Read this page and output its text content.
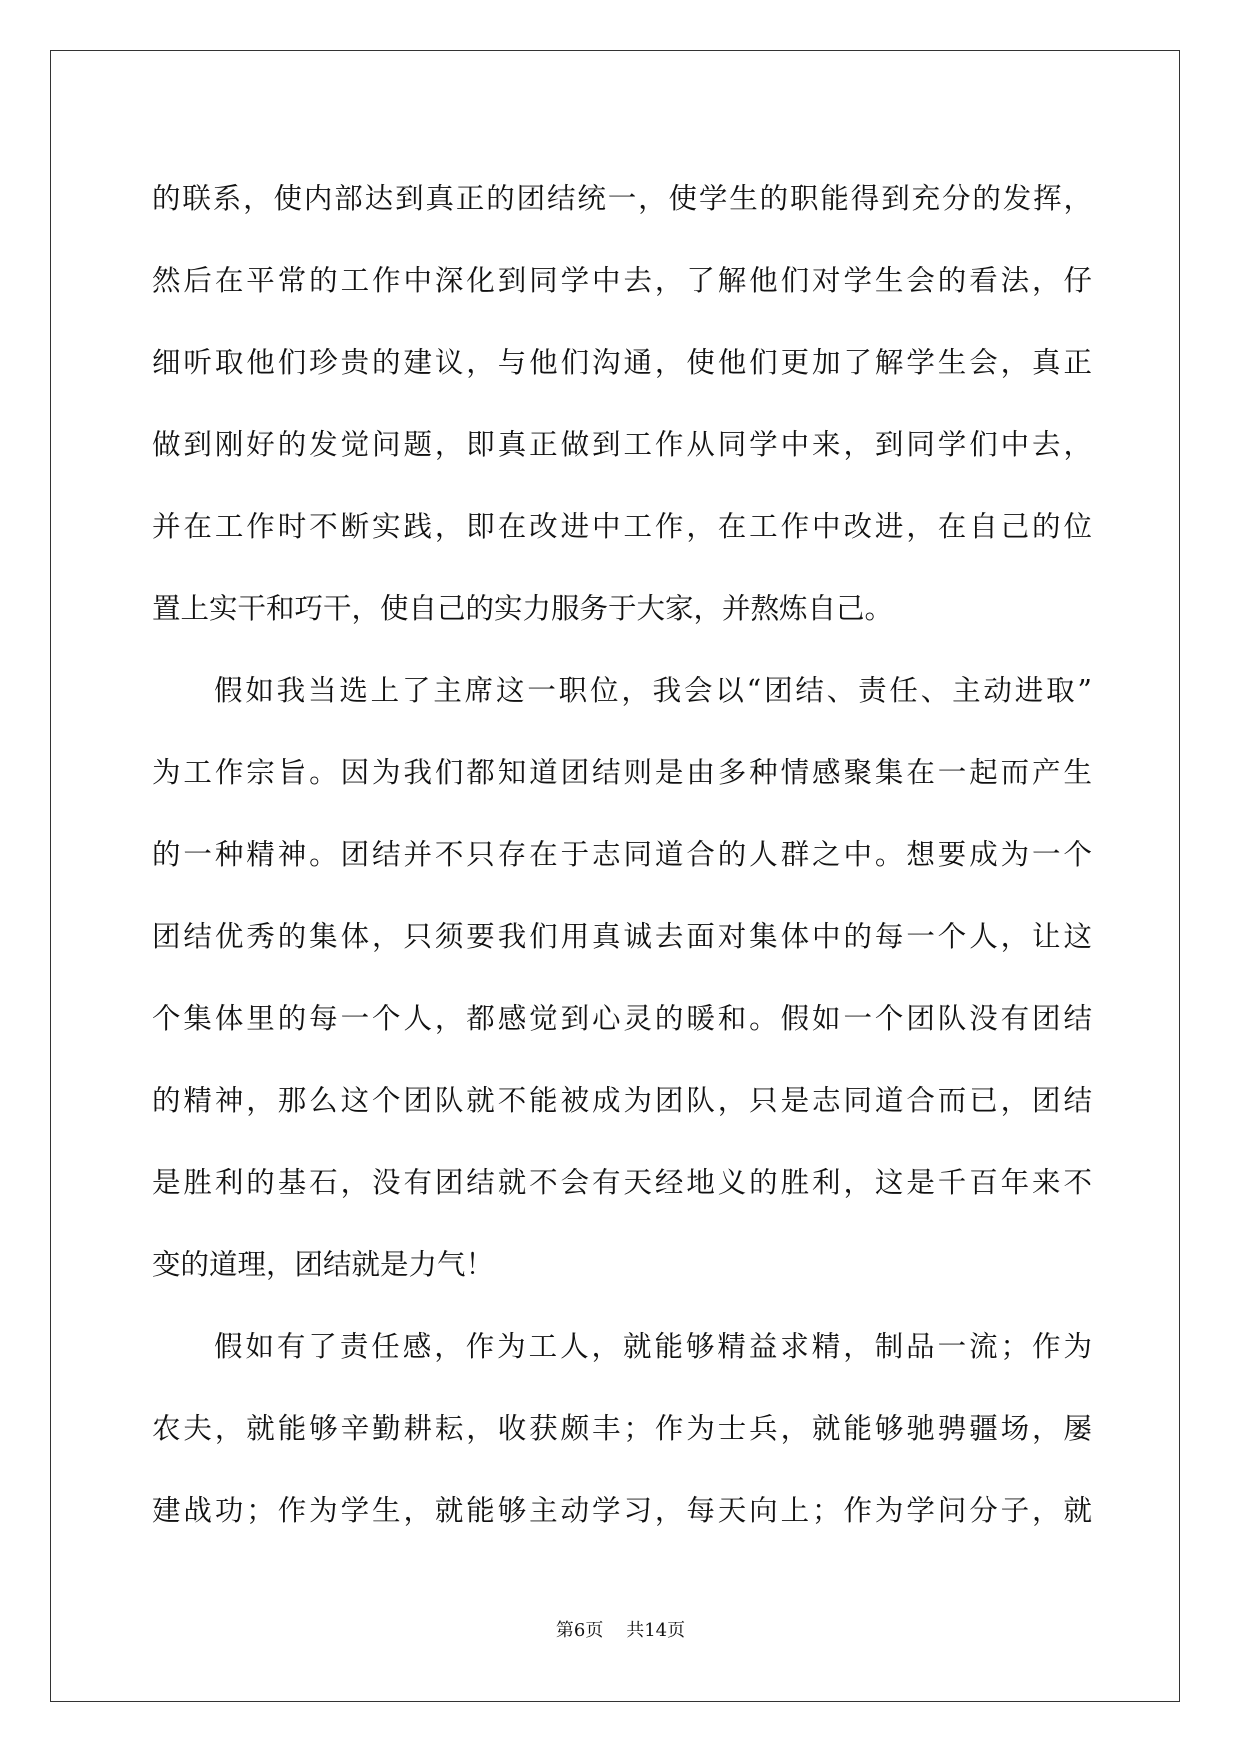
的联系，使内部达到真正的团结统一，使学生的职能得到充分的发挥，
然后在平常的工作中深化到同学中去，了解他们对学生会的看法，仔
细听取他们珍贵的建议，与他们沟通，使他们更加了解学生会，真正
做到刚好的发觉问题，即真正做到工作从同学中来，到同学们中去，
并在工作时不断实践，即在改进中工作，在工作中改进，在自己的位
置上实干和巧干，使自己的实力服务于大家，并熬炼自己。
假如我当选上了主席这一职位，我会以“团结、责任、主动进取”
为工作宗旨。因为我们都知道团结则是由多种情感聚集在一起而产生
的一种精神。团结并不只存在于志同道合的人群之中。想要成为一个
团结优秀的集体，只须要我们用真诚去面对集体中的每一个人，让这
个集体里的每一个人，都感觉到心灵的暖和。假如一个团队没有团结
的精神，那么这个团队就不能被成为团队，只是志同道合而已，团结
是胜利的基石，没有团结就不会有天经地义的胜利，这是千百年来不
变的道理，团结就是力气！
假如有了责任感，作为工人，就能够精益求精，制品一流；作为
农夫，就能够辛勤耕耘，收获颇丰；作为士兵，就能够驰骋疆场，屡
建战功；作为学生，就能够主动学习，每天向上；作为学问分子，就
第6页 共14页
